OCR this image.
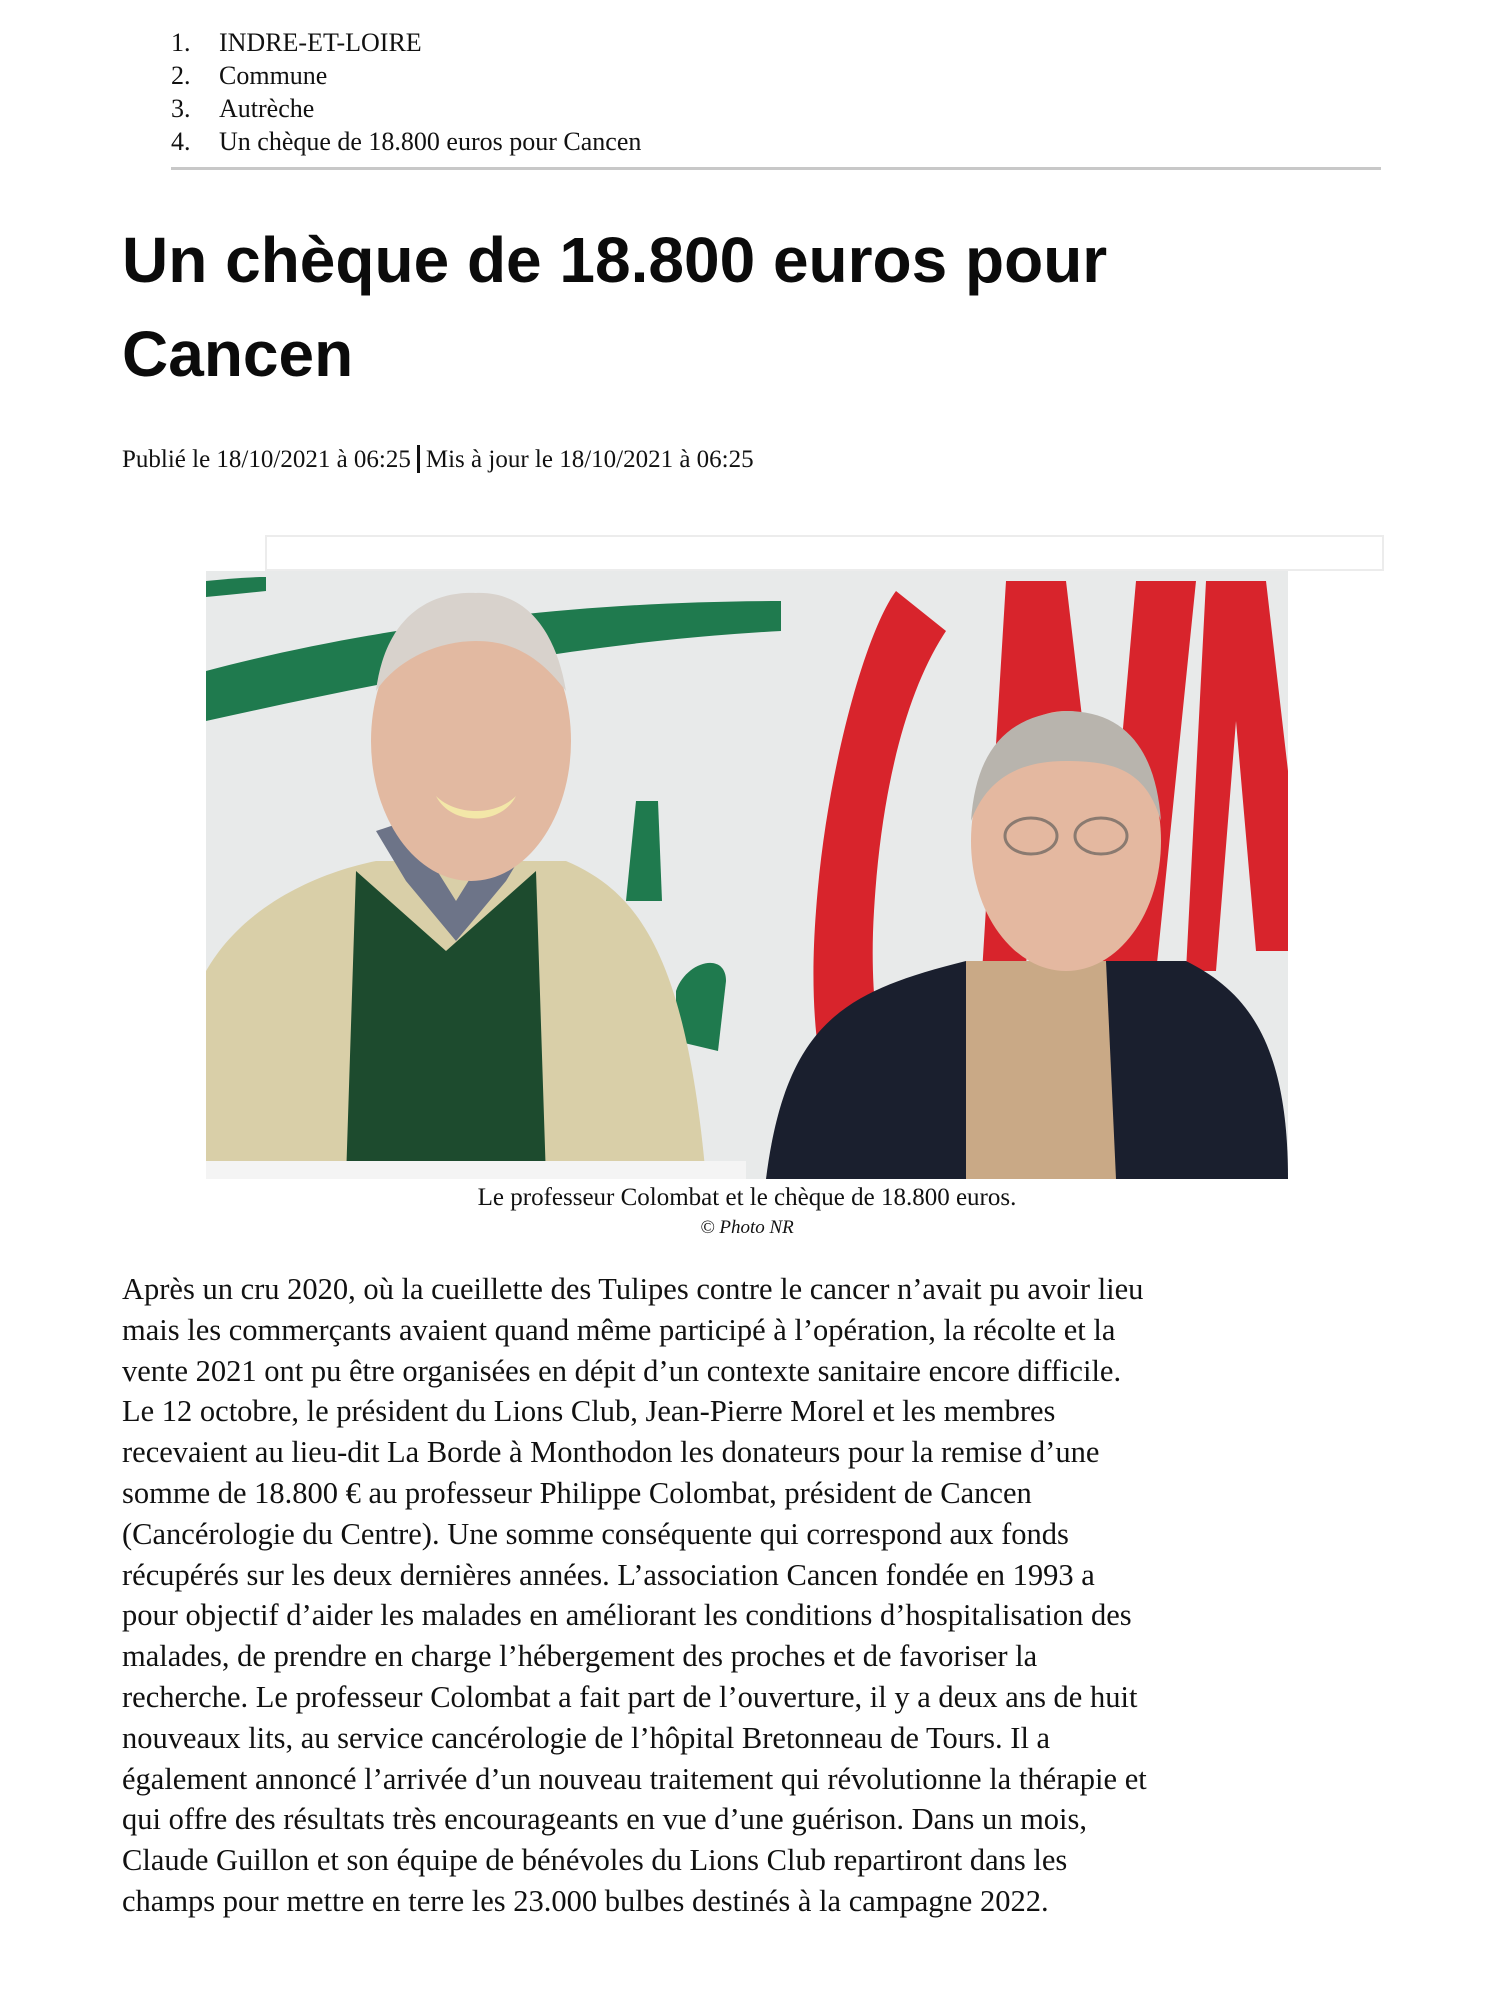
1. INDRE-ET-LOIRE
2. Commune
3. Autrèche
4. Un chèque de 18.800 euros pour Cancen
Un chèque de 18.800 euros pour
Cancen
Publié le 18/10/2021 à 06:25 Mis à jour le 18/10/2021 à 06:25
Le professeur Colombat et le chèque de 18.800 euros.
© Photo NR

Après un cru 2020, où la cueillette des Tulipes contre le cancer n’avait pu avoir lieu
mais les commerçants avaient quand même participé à l’opération, la récolte et la
vente 2021 ont pu être organisées en dépit d’un contexte sanitaire encore difficile.
Le 12 octobre, le président du Lions Club, Jean-Pierre Morel et les membres
recevaient au lieu-dit La Borde à Monthodon les donateurs pour la remise d’une
somme de 18.800 € au professeur Philippe Colombat, président de Cancen
(Cancérologie du Centre). Une somme conséquente qui correspond aux fonds
récupérés sur les deux dernières années. L’association Cancen fondée en 1993 a
pour objectif d’aider les malades en améliorant les conditions d’hospitalisation des
malades, de prendre en charge l’hébergement des proches et de favoriser la
recherche. Le professeur Colombat a fait part de l’ouverture, il y a deux ans de huit
nouveaux lits, au service cancérologie de l’hôpital Bretonneau de Tours. Il a
également annoncé l’arrivée d’un nouveau traitement qui révolutionne la thérapie et
qui offre des résultats très encourageants en vue d’une guérison. Dans un mois,
Claude Guillon et son équipe de bénévoles du Lions Club repartiront dans les
champs pour mettre en terre les 23.000 bulbes destinés à la campagne 2022.
